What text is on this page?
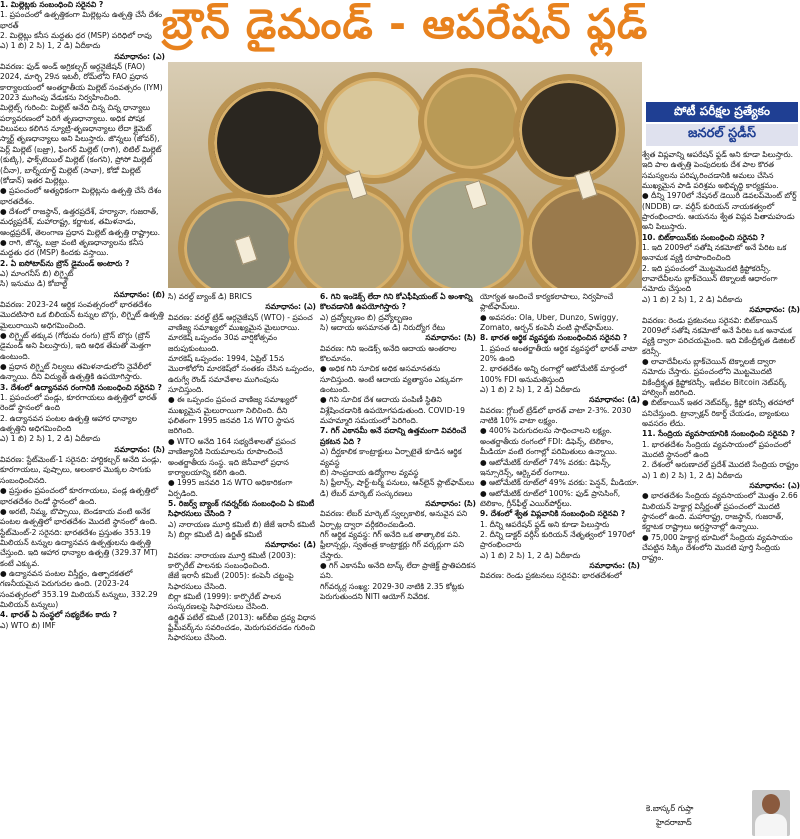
1. మిల్లెట్లకు సంబంధించి సరైనవి ?

1. ప్రపంచంలో ఉత్పత్తికంగా మిల్లెట్లను ఉత్పత్తి చేసే దేశం భారత్

2. మిల్లెట్లు కనీస మద్దతు ధర (MSP) పరిధిలో రావు

ఎ) 1 బి) 2 సి) 1, 2 డి) ఏదీకాదు

సమాధానం: (ఎ)

వివరణ: ఫుడ్ అండ్ అగ్రికల్చర్ ఆర్గనైజేషన్ (FAO) 2024, మార్చి 29న ఇటలీ, రోమ్‌లోని FAO ప్రధాన కార్యాలయంలో అంతర్జాతీయ మిల్లెట్ సంవత్సరం (IYM) 2023 ముగింపు వేడుకను నిర్వహించింది.

మిల్లెట్స్ గురించి: మిల్లెట్ అనేది చిన్న చిన్న ధాన్యాలు పర్యావరణంలో పెరిగే తృణధాన్యాలు. అధిక పోషక విలువలు కలిగిన న్యూట్రి-తృణధాన్యాలు లేదా క్లైమెట్ స్మార్ట్ తృణధాన్యాలు అని పిలుస్తారు. జొన్నలు (జోవర్), పెర్ల్ మిల్లెట్ (బజ్రా), ఫింగర్ మిల్లెట్ (రాగి), లిటిల్ మిల్లెట్ (కుట్కి), ఫాక్స్‌టెయిల్ మిల్లెట్ (కంగని), ప్రోసో మిల్లెట్ (చీనా), బార్న్‌యార్డ్ మిల్లెట్ (సావా), కోడో మిల్లెట్ (కోడాన్) ఇతర మిల్లెట్లు.

● ప్రపంచంలో అత్యధికంగా మిల్లెట్లను ఉత్పత్తి చేసే దేశం భారతదేశం.

● దేశంలో రాజస్థాన్, ఉత్తరప్రదేశ్, హర్యానా, గుజరాత్, మధ్యప్రదేశ్, మహారాష్ట్ర, కర్ణాటక, తమిళనాడు, ఆంధ్రప్రదేశ్, తెలంగాణ ప్రధాన మిల్లెట్ ఉత్పత్తి రాష్ట్రాలు.

● రాగి, జొన్న, బజ్రా వంటి తృణధాన్యాలను కనీస మద్దతు ధర (MSP) కిందకు వస్తాయి.

2. ఏ ఐసోటాప్‌ను బ్రౌన్ డైమండ్ అంటారు ?

ఎ) మాంగనీస్ బి) లిగ్నైట్

సి) ఇనుము డి) కోబాల్ట్

సమాధానం: (బి)

వివరణ: 2023-24 ఆర్థిక సంవత్సరంలో భారతదేశం మొదటిసారి ఒక బిలియన్ టన్నుల బొగ్గు, లిగ్నైట్ ఉత్పత్తి మైలురాయిని అధిగమించింది.

● లిగ్నైట్ తక్కువ (గోధుమ రంగు) బ్రౌన్ బొగ్గు (బ్రౌన్ డైమండ్ అని పిలుస్తారు), ఇది అధిక తేమతో మెత్తగా ఉంటుంది.

● ప్రధాన లిగ్నైట్ నిల్వలు తమిళనాడులోని నైవేలీలో ఉన్నాయి. దీని విద్యుత్ ఉత్పత్తికి ఉపయోగిస్తారు.

3. దేశంలో ఉద్యానవన రంగానికి సంబంధించి సరైనవి ?

1. ప్రపంచంలో పండ్లు, కూరగాయలు ఉత్పత్తిలో భారత్ రెండో స్థానంలో ఉంది

2. ఉద్యానవన పంటల ఉత్పత్తి ఆహార ధాన్యాల ఉత్పత్తిని అధిగమించింది

ఎ) 1 బి) 2 సి) 1, 2 డి) ఏదీకాదు

సమాధానం: (సి)

వివరణ: స్టేట్‌మెంట్-1 సరైనది: హార్టికల్చర్ అనేది పండ్లు, కూరగాయలు, పుష్పాలు, అలంకార మొక్కల సాగుకు సంబంధించినది.

● ప్రస్తుతం ప్రపంచంలో కూరగాయలు, పండ్ల ఉత్పత్తిలో భారతదేశం రెండో స్థానంలో ఉంది.

● అరటి, నిమ్మ, బొప్పాయి, బెండకాయ వంటి అనేక పంటల ఉత్పత్తిలో భారతదేశం మొదటి స్థానంలో ఉంది.

స్టేట్‌మెంట్-2 సరైనది: భారతదేశం ప్రస్తుతం 353.19 మిలియన్ టన్నుల ఉద్యానవన ఉత్పత్తులను ఉత్పత్తి చేస్తుంది. ఇది ఆహార ధాన్యాల ఉత్పత్తి (329.37 MT) కంటే ఎక్కువ.

● ఉద్యానవన పంటల విస్తీర్ణం, ఉత్పాదకతలో గణనీయమైన పెరుగుదల ఉంది. (2023-24 సంవత్సరంలో 353.19 మిలియన్ టన్నులు, 332.29 మిలియన్ టన్నులు)

4. భారత్ ఏ సంస్థలో సభ్యదేశం కాదు ?

ఎ) WTO బి) IMF

బ్రౌన్ డైమండ్ - ఆపరేషన్ ఫ్లడ్
పోటీ పరీక్షల ప్రత్యేకం
జనరల్ స్టడీస్

శ్వేత విప్లవాన్ని ఆపరేషన్ ఫ్లడ్ అని కూడా పిలుస్తారు. ఇది పాల ఉత్పత్తి పెంపుదలకు దేశ పాల కొరత సమస్యలను పరిష్కరించడానికి అమలు చేసిన ముఖ్యమైన పాడి పరిశ్రమ అభివృద్ధి కార్యక్రమం.

● దీన్ని 1970లో నేషనల్ డెయిరీ డెవలప్‌మెంట్ బోర్డ్ (NDDB) డా. వర్గీస్ కురియన్ నాయకత్వంలో ప్రారంభించారు. ఆయనను శ్వేత విప్లవ పితామహుడు అని పిలుస్తారు.

10. బిట్‌కాయిన్‌కు సంబంధించి సరైనవి ?

1. ఇది 2009లో సతోషి నకమోటో అనే పేరిట ఒక అనామక వ్యక్తి రూపొందించింది

2. ఇది ప్రపంచంలో మొట్టమొదటి క్రిప్టోకరెన్సీ. లావాదేవీలను బ్లాక్‌చెయిన్ టెక్నాలజీ ఆధారంగా నమోదు చేస్తుంది

ఎ) 1 బి) 2 సి) 1, 2 డి) ఏదీకాదు

సమాధానం: (సి)

వివరణ: రెండు ప్రకటనలు సరైనవి: బిట్‌కాయిన్ 2009లో సతోషి నకమోటో అనే పేరిట ఒక అనామక వ్యక్తి ద్వారా పరిచయమైంది. ఇది వికేంద్రీకృత డిజిటల్ కరెన్సీ.

● లావాదేవీలను బ్లాక్‌చెయిన్ టెక్నాలజీ ద్వారా నమోదు చేస్తారు. ప్రపంచంలోని మొట్టమొదటి వికేంద్రీకృత క్రిప్టోకరెన్సీ. ఇటీవల Bitcoin నెట్‌వర్క్ హాల్వింగ్ జరిగింది.

● బిట్‌కాయిన్ ఇతర నెట్‌వర్క్, క్రిప్టో కరెన్సీ తరహాలో పనిచేస్తుంది. ట్రాన్సాక్షన్ రికార్డ్ చేయడం, బ్యాంకులు అవసరం లేదు.

11. సేంద్రియ వ్యవసాయానికి సంబంధించి సరైనవి ?

1. భారతదేశం సేంద్రియ వ్యవసాయంలో ప్రపంచంలో మొదటి స్థానంలో ఉంది

2. దేశంలో అరుణాచల్ ప్రదేశ్ మొదటి సేంద్రియ రాష్ట్రం

ఎ) 1 బి) 2 సి) 1, 2 డి) ఏదీకాదు

సమాధానం: (ఎ)

● భారతదేశం సేంద్రియ వ్యవసాయంలో మొత్తం 2.66 మిలియన్ హెక్టార్ల విస్తీర్ణంతో ప్రపంచంలో మొదటి స్థానంలో ఉంది. మహారాష్ట్ర, రాజస్థాన్, గుజరాత్, కర్ణాటక రాష్ట్రాలు అగ్రస్థానాల్లో ఉన్నాయి.

● 75,000 హెక్టార్ల భూమిలో సేంద్రియ వ్యవసాయం చేపట్టిన సిక్కిం దేశంలోని మొదటి పూర్తి సేంద్రియ రాష్ట్రం.

సి) వరల్డ్ బ్యాంక్ డి) BRICS

సమాధానం: (ఎ)

వివరణ: వరల్డ్ ట్రేడ్ ఆర్గనైజేషన్ (WTO) - ప్రపంచ వాణిజ్య సమాఖ్యలో ముఖ్యమైన మైలురాయి. మారకెష్ ఒప్పందం 30వ వార్షికోత్సవం జరుపుకుంటుంది.

మారకెష్ ఒప్పందం: 1994, ఏప్రిల్ 15న మొరాకోలోని మారకెష్‌లో సంతకం చేసిన ఒప్పందం, ఉరుగ్వే రౌండ్ సమావేశాల ముగింపును సూచిస్తుంది.

● ఈ ఒప్పందం ప్రపంచ వాణిజ్య సమాఖ్యలో ముఖ్యమైన మైలురాయిగా నిలిచింది. దీని ఫలితంగా 1995 జనవరి 1న WTO స్థాపన జరిగింది.

● WTO అనేది 164 సభ్యదేశాలతో ప్రపంచ వాణిజ్యానికి నియమాలను రూపొందించే అంతర్జాతీయ సంస్థ. ఇది జెనీవాలో ప్రధాన కార్యాలయాన్ని కలిగి ఉంది.

● 1995 జనవరి 1న WTO అధికారికంగా ఏర్పడింది.

5. రిజర్వ్ బ్యాంక్ గవర్నర్‌కు సంబంధించి ఏ కమిటీ సిఫారసులు చేసింది ?

ఎ) నారాయణ మూర్తి కమిటీ బి) జేజే ఇరానీ కమిటీ

సి) బిర్లా కమిటీ డి) ఉర్జిత్ కమిటీ

సమాధానం: (డి)

వివరణ: నారాయణ మూర్తి కమిటీ (2003): కార్పొరేట్ పాలనకు సంబంధించింది.

జేజే ఇరానీ కమిటీ (2005): కంపెనీ చట్టంపై సిఫారసులు చేసింది.

బిర్లా కమిటీ (1999): కార్పొరేట్ పాలన సంస్కరణలపై సిఫారసులు చేసింది.

ఉర్జిత్ పటేల్ కమిటీ (2013): ఆర్‌బీఐ ద్రవ్య విధాన ఫ్రేమ్‌వర్క్‌ను సవరించడం, మెరుగుపరచడం గురించి సిఫారసులు చేసింది.

6. గిని ఇండెక్స్ లేదా గిని కోఎఫీషియంట్ ఏ అంశాన్ని కొలవడానికి ఉపయోగిస్తారు ?

ఎ) ద్రవ్యోల్బణం బి) ద్రవ్యోల్బణం

సి) ఆదాయ అసమానత డి) నిరుద్యోగ రేటు

సమాధానం: (సి)

వివరణ: గిని ఇండెక్స్ అనేది ఆదాయ అంతరాల కొలమానం.

● అధిక గిని సూచిక అధిక అసమానతను సూచిస్తుంది. అంటే ఆదాయ వ్యత్యాసం ఎక్కువగా ఉంటుంది.

● గిని సూచిక దేశ ఆదాయ పంపిణీ స్థితిని విశ్లేషించడానికి ఉపయోగపడుతుంది. COVID-19 మహమ్మారి సమయంలో పెరిగింది.

7. గిగ్ ఎకానమీ అనే పదాన్ని ఉత్తమంగా వివరించే ప్రకటన ఏది ?

ఎ) దీర్ఘకాలిక కాంట్రాక్టులు ఏర్పాటైతే కూడిన ఆర్థిక వ్యవస్థ

బి) సాంప్రదాయ ఉద్యోగాల వ్యవస్థ

సి) ఫ్రీలాన్స్, షార్ట్-టర్మ్ పనులు, ఆన్‌లైన్ ప్లాట్‌ఫామ్‌లు

డి) లేబర్ మార్కెట్ సంస్కరణలు

సమాధానం: (సి)

వివరణ: లేబర్ మార్కెట్ స్వల్పకాలిక, అనువైన పని ఏర్పాట్ల ద్వారా వర్గీకరించబడింది.

గిగ్ ఆర్థిక వ్యవస్థ: గిగ్ అనేది ఒక తాత్కాలిక పని. ఫ్రీలాన్సర్లు, స్వతంత్ర కాంట్రాక్టర్లు గిగ్ వర్కర్లుగా పని చేస్తారు.

● గిగ్ ఎకానమీ అనేది టాస్క్ లేదా ప్రాజెక్ట్ ప్రాతిపదికన పని.

గిగ్‌వర్కర్ల సంఖ్య: 2029-30 నాటికి 2.35 కోట్లకు పెరుగుతుందని NITI ఆయోగ్ నివేదిక.

యోగ్యత అందించే కార్యకలాపాలు, నిర్వహించే ప్లాట్‌ఫామ్‌లు.

● అవసరం: Ola, Uber, Dunzo, Swiggy, Zomato, అర్బన్ కంపెనీ వంటి ప్లాట్‌ఫామ్‌లు.

8. భారత ఆర్థిక వ్యవస్థకు సంబంధించిన సరైనవి ?

1. ప్రపంచ అంతర్జాతీయ ఆర్థిక వ్యవస్థలో భారత్ వాటా 20% ఉంది

2. భారతదేశం అన్ని రంగాల్లో ఆటోమేటిక్ మార్గంలో 100% FDI అనుమతిస్తుంది

ఎ) 1 బి) 2 సి) 1, 2 డి) ఏదీకాదు

సమాధానం: (డి)

వివరణ: గ్లోబల్ ట్రేడ్‌లో భారత్ వాటా 2-3%. 2030 నాటికి 10% వాటా లక్ష్యం.

● 400% పెరుగుదలను సాధించాలని లక్ష్యం.

అంతర్జాతీయ రంగంలో FDI: డిఫెన్స్, టెలికాం, మీడియా వంటి రంగాల్లో పరిమితులు ఉన్నాయి.

● ఆటోమేటిక్ రూట్‌లో 74% వరకు: డిఫెన్స్, ఇన్సూరెన్స్, ఆర్కైవల్ రంగాలు.

● ఆటోమేటిక్ రూట్‌లో 49% వరకు: పెన్షన్, మీడియా.

● ఆటోమేటిక్ రూట్‌లో 100%: ఫుడ్ ప్రాసెసింగ్, టెలికాం, గ్రీన్‌ఫీల్డ్ ఎయిర్‌పోర్ట్‌లు.

9. దేశంలో శ్వేత విప్లవానికి సంబంధించి సరైనవి ?

1. దీన్ని ఆపరేషన్ ఫ్లడ్ అని కూడా పిలుస్తారు

2. దీన్ని డాక్టర్ వర్గీస్ కురియన్ నేతృత్వంలో 1970లో ప్రారంభించారు

ఎ) 1 బి) 2 సి) 1, 2 డి) ఏదీకాదు

సమాధానం: (సి)

వివరణ: రెండు ప్రకటనలు సరైనవి: భారతదేశంలో

కె.బాస్కర్ గుప్తా
హైదరాబాద్
